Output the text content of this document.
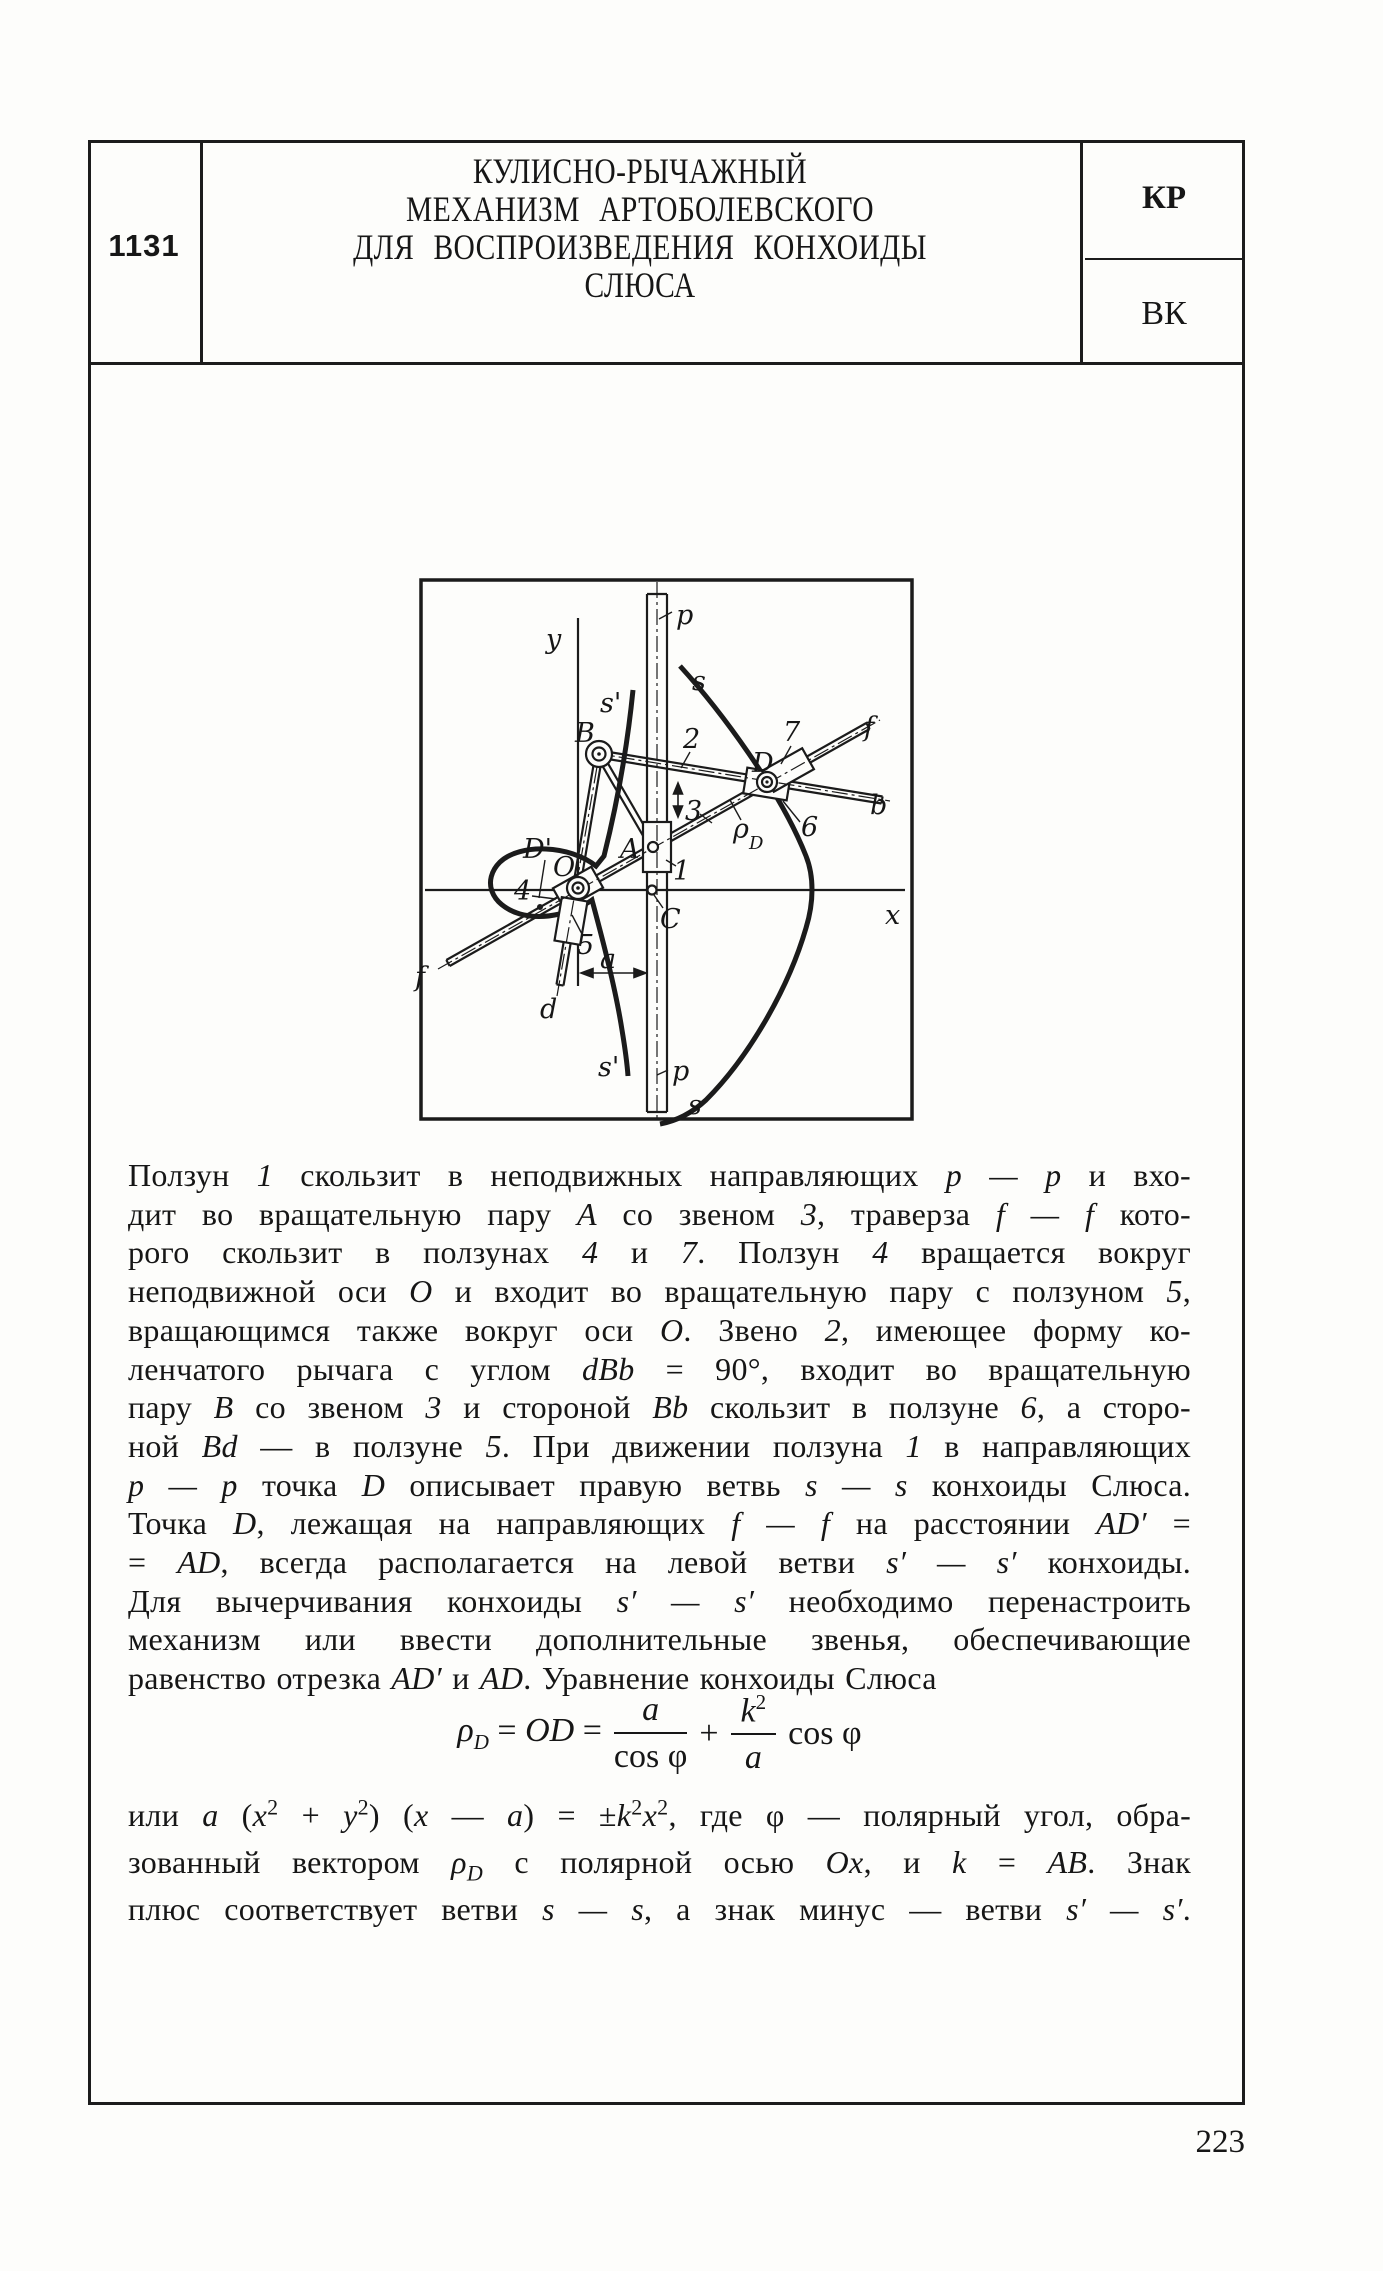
1131
КУЛИСНО-РЫЧАЖНЫЙ
МЕХАНИЗМ АРТОБОЛЕВСКОГО
ДЛЯ ВОСПРОИЗВЕДЕНИЯ КОНХОИДЫ
СЛЮСА
КР
ВК
y
x
p
p
s
s
s'
s'
B
D
D'
O
A
C
a
b
d
f
f
1
2
3
4
5
6
7
ρ D
Ползун 1 скользит в неподвижных направляющих p — p и вхо-
дит во вращательную пару А со звеном 3, траверза f — f кото-
рого скользит в ползунах 4 и 7. Ползун 4 вращается вокруг
неподвижной оси О и входит во вращательную пару с ползуном 5,
вращающимся также вокруг оси О. Звено 2, имеющее форму ко-
ленчатого рычага с углом dBb = 90°, входит во вращательную
пару В со звеном 3 и стороной Bb скользит в ползуне 6, а сторо-
ной Bd — в ползуне 5. При движении ползуна 1 в направляющих
p — p точка D описывает правую ветвь s — s конхоиды Слюса.
Точка D, лежащая на направляющих f — f на расстоянии AD′ =
= AD, всегда располагается на левой ветви s′ — s′ конхоиды.
Для вычерчивания конхоиды s′ — s′ необходимо перенастроить
механизм или ввести дополнительные звенья, обеспечивающие
равенство отрезка AD′ и AD. Уравнение конхоиды Слюса
$\rho_D$ = OD = $\frac{a}{\text{cos φ}} + \frac{k^2}{a}$ cos φ
или a $(x^2 + y^2)$ (x — $a) = \pm k^2x^2$, где φ — полярный угол, обра-
зованный вектором $\rho_D$ с полярной осью Ox, и k = AB. Знак
плюс соответствует ветви s — s, а знак минус — ветви s′ — s′.
223
